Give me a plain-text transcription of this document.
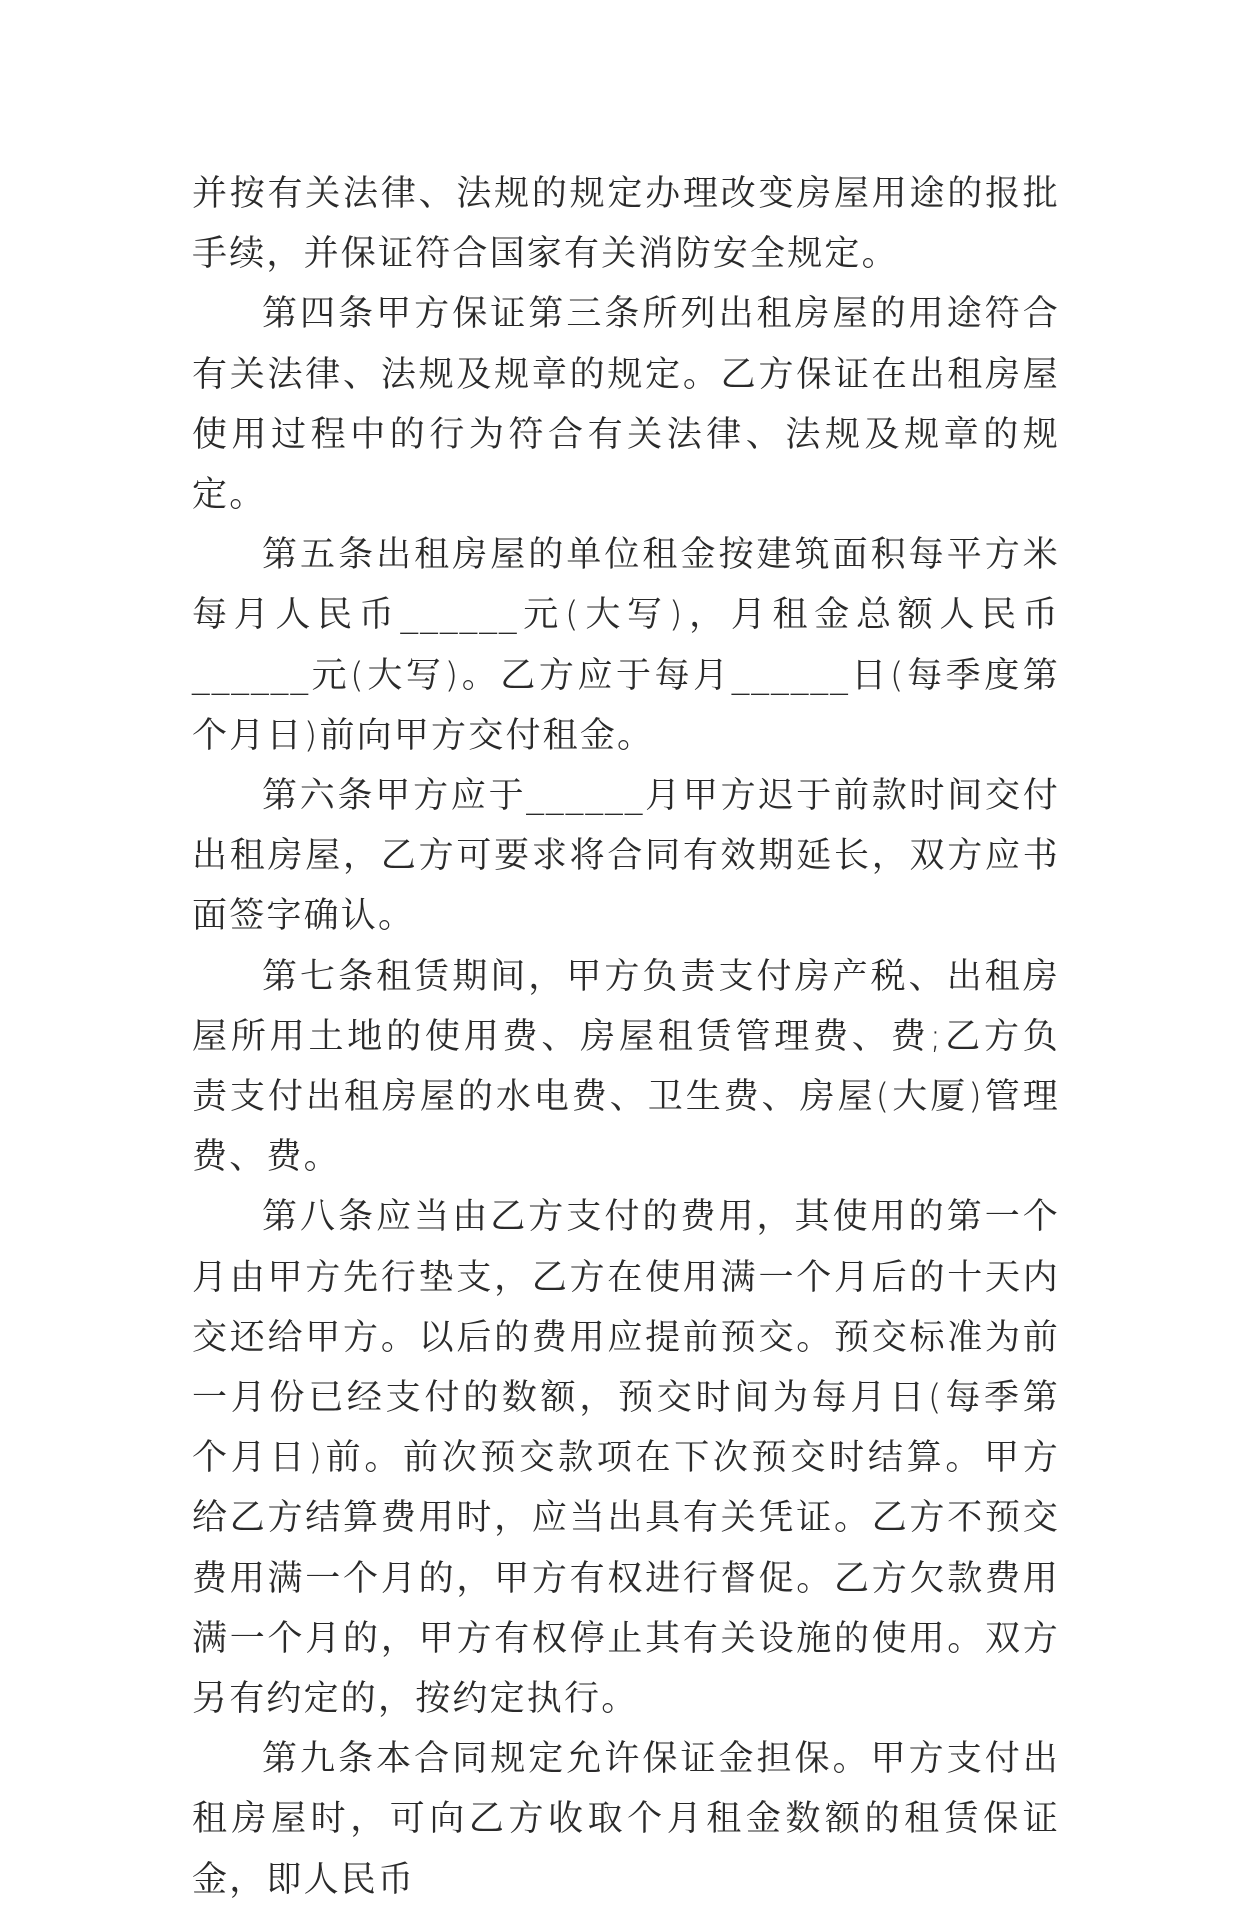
并按有关法律、法规的规定办理改变房屋用途的报批手续，并保证符合国家有关消防安全规定。

第四条甲方保证第三条所列出租房屋的用途符合有关法律、法规及规章的规定。乙方保证在出租房屋使用过程中的行为符合有关法律、法规及规章的规定。

第五条出租房屋的单位租金按建筑面积每平方米每月人民币______元(大写)，月租金总额人民币______元(大写)。乙方应于每月______日(每季度第个月日)前向甲方交付租金。

第六条甲方应于______月甲方迟于前款时间交付出租房屋，乙方可要求将合同有效期延长，双方应书面签字确认。

第七条租赁期间，甲方负责支付房产税、出租房屋所用土地的使用费、房屋租赁管理费、费;乙方负责支付出租房屋的水电费、卫生费、房屋(大厦)管理费、费。

第八条应当由乙方支付的费用，其使用的第一个月由甲方先行垫支，乙方在使用满一个月后的十天内交还给甲方。以后的费用应提前预交。预交标准为前一月份已经支付的数额，预交时间为每月日(每季第个月日)前。前次预交款项在下次预交时结算。甲方给乙方结算费用时，应当出具有关凭证。乙方不预交费用满一个月的，甲方有权进行督促。乙方欠款费用满一个月的，甲方有权停止其有关设施的使用。双方另有约定的，按约定执行。

第九条本合同规定允许保证金担保。甲方支付出租房屋时，可向乙方收取个月租金数额的租赁保证金，即人民币
